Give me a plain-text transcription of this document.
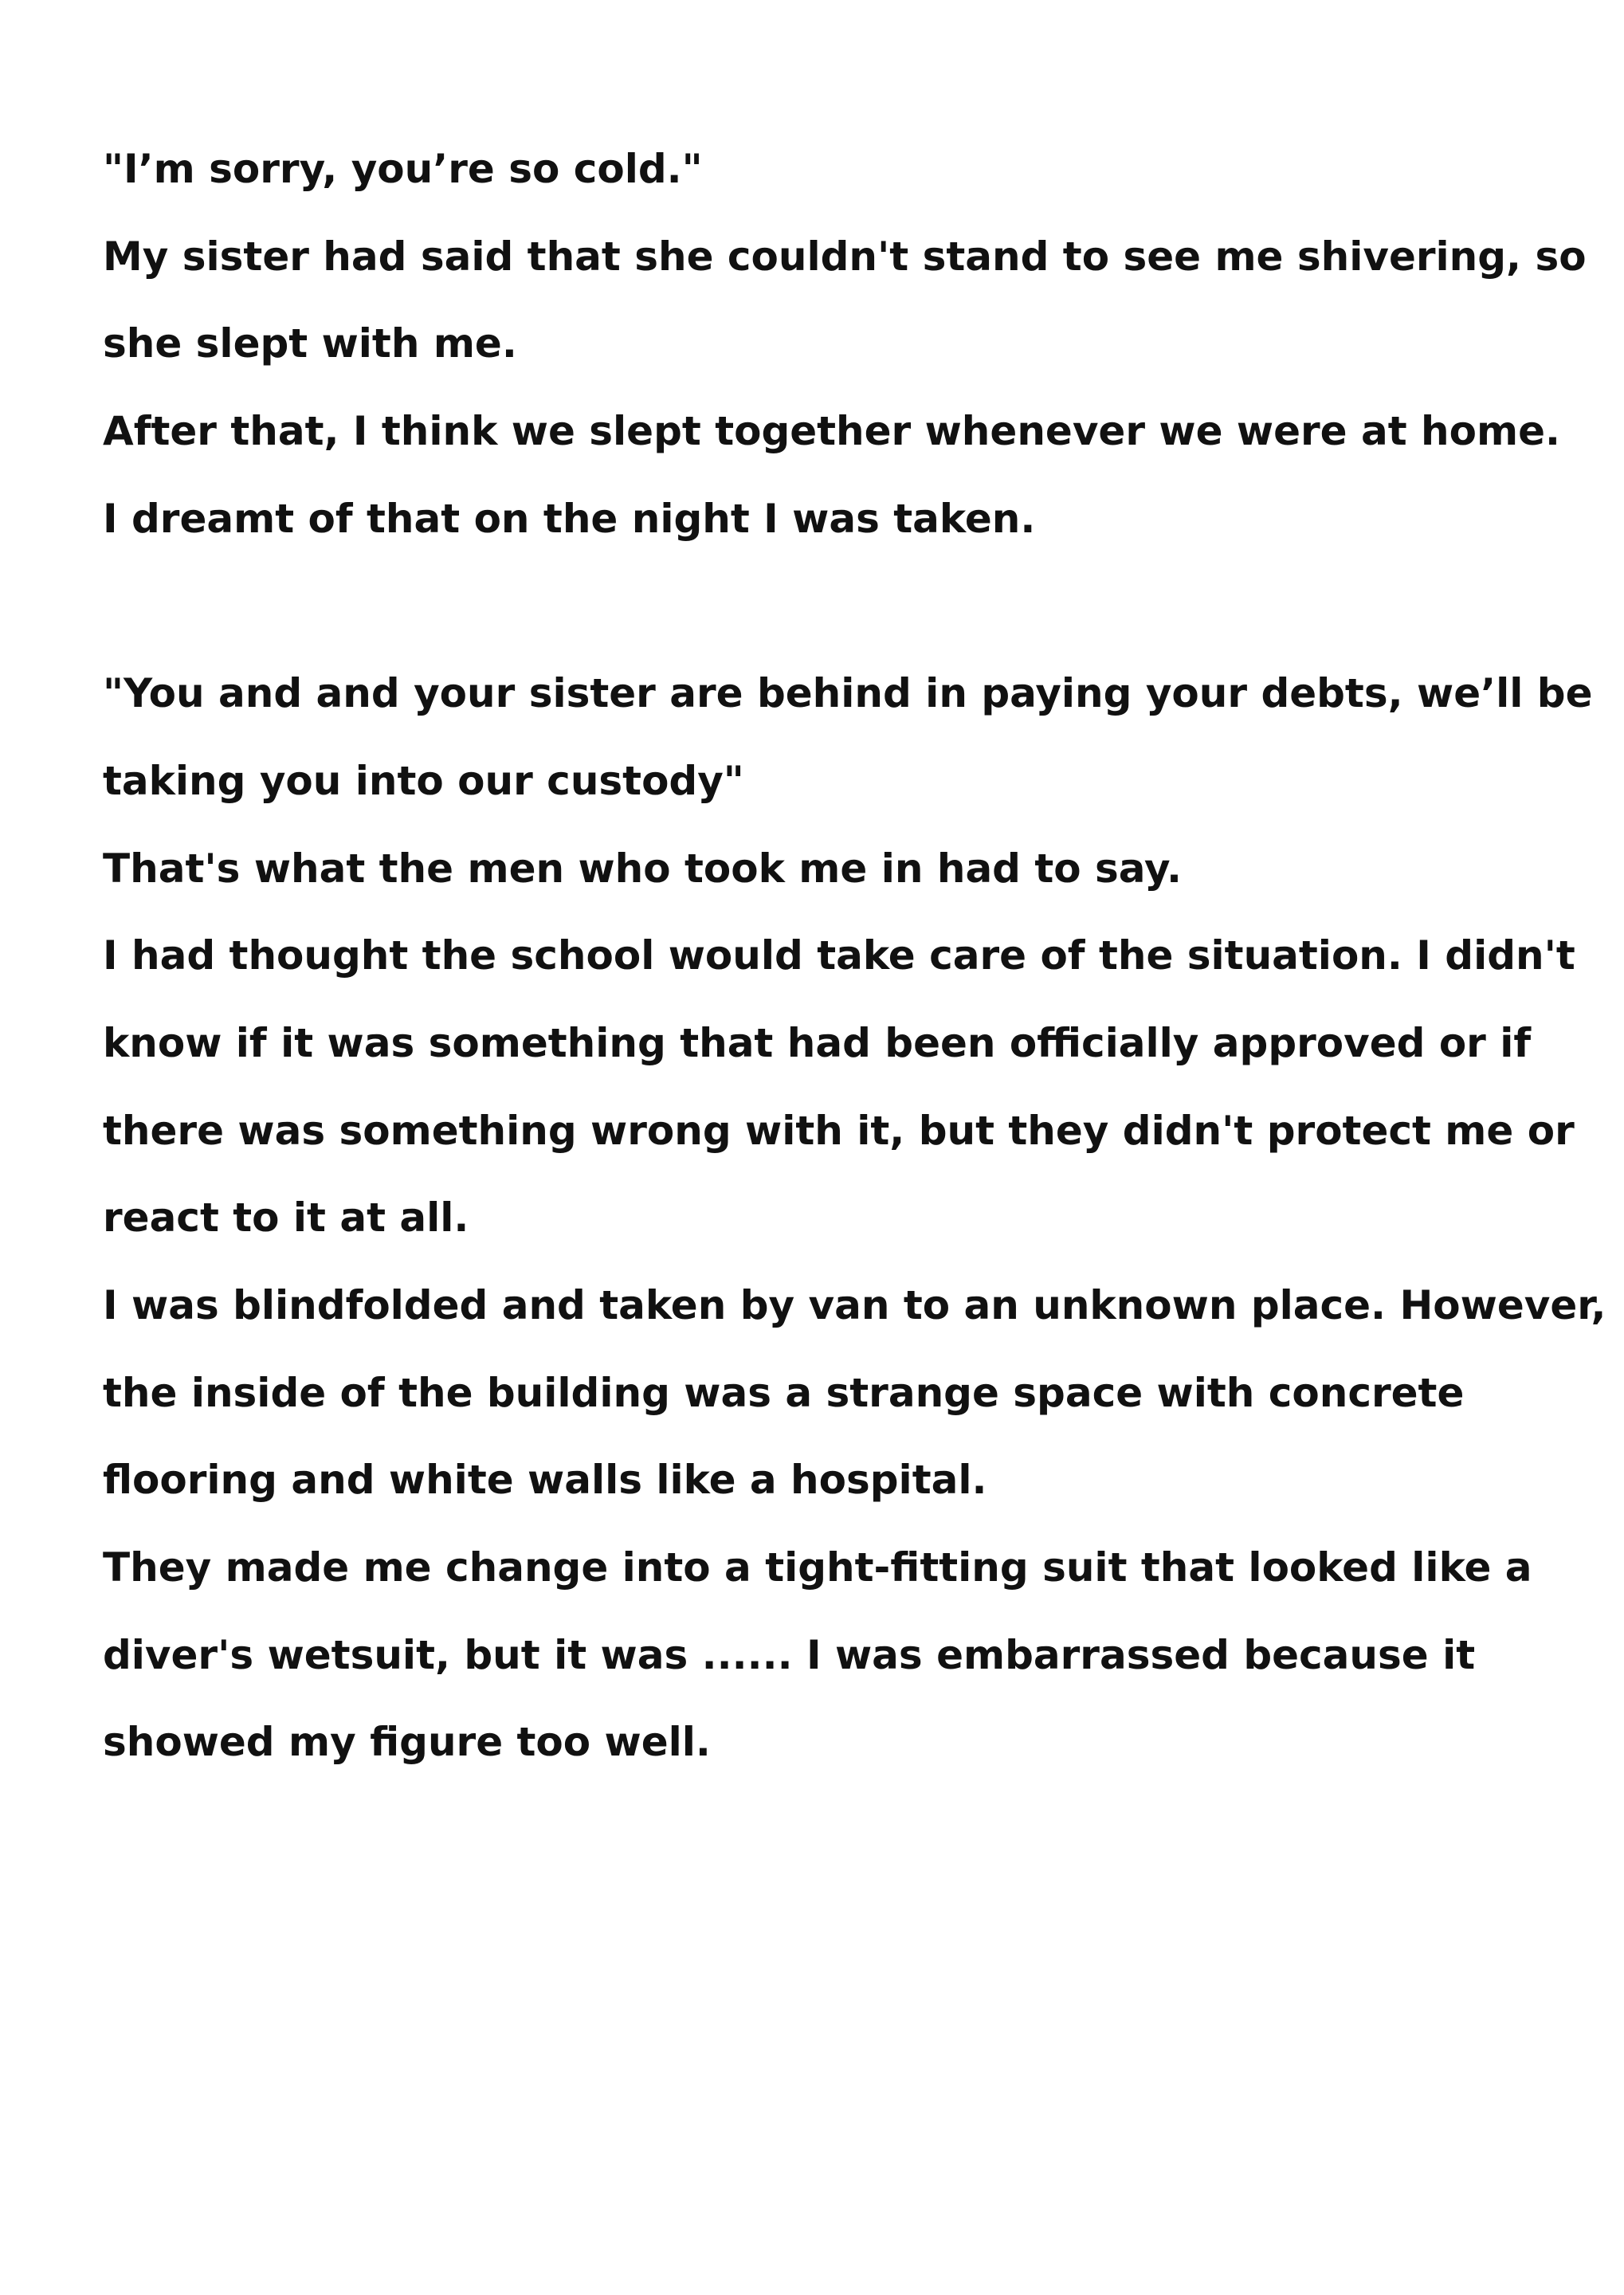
"I’m sorry, you’re so cold."
My sister had said that she couldn't stand to see me shivering, so
she slept with me.
After that, I think we slept together whenever we were at home.
I dreamt of that on the night I was taken.
"You and and your sister are behind in paying your debts, we’ll be
taking you into our custody"
That's what the men who took me in had to say.
I had thought the school would take care of the situation. I didn't
know if it was something that had been officially approved or if
there was something wrong with it, but they didn't protect me or
react to it at all.
I was blindfolded and taken by van to an unknown place. However,
the inside of the building was a strange space with concrete
flooring and white walls like a hospital.
They made me change into a tight-fitting suit that looked like a
diver's wetsuit, but it was ...... I was embarrassed because it
showed my figure too well.
